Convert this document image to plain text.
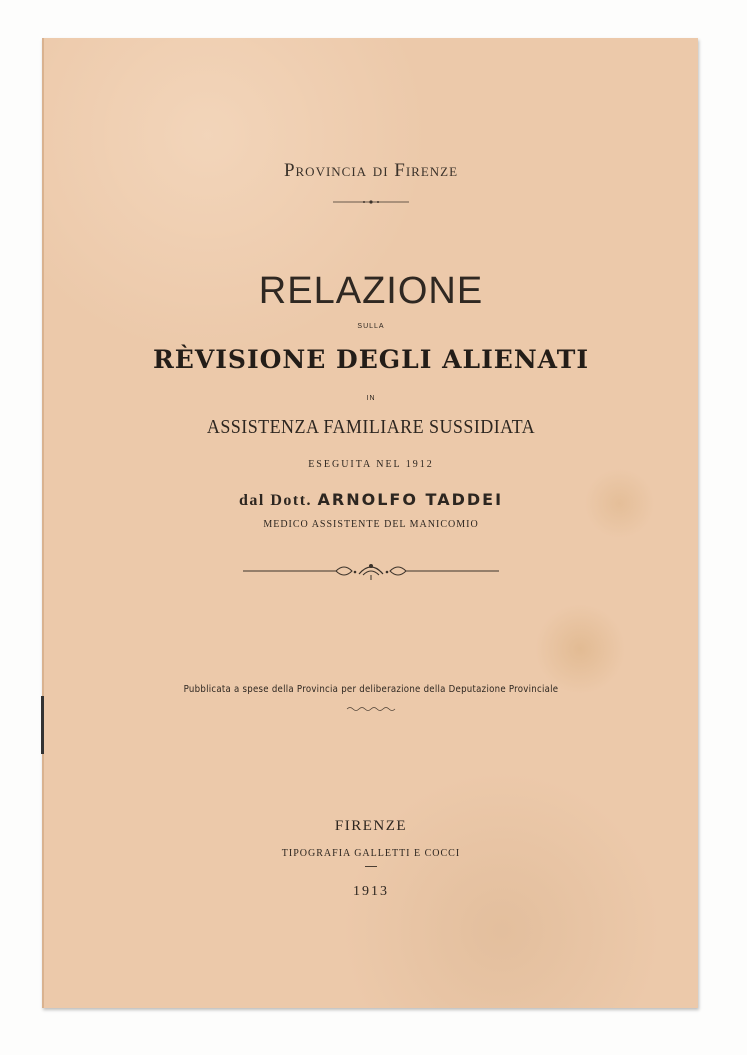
Provincia di Firenze
RELAZIONE
SULLA
RÈVISIONE DEGLI ALIENATI
IN
ASSISTENZA FAMILIARE SUSSIDIATA
ESEGUITA NEL 1912
dal Dott. ARNOLFO TADDEI
MEDICO ASSISTENTE DEL MANICOMIO
Pubblicata a spese della Provincia per deliberazione della Deputazione Provinciale
FIRENZE
TIPOGRAFIA GALLETTI E COCCI
1913
